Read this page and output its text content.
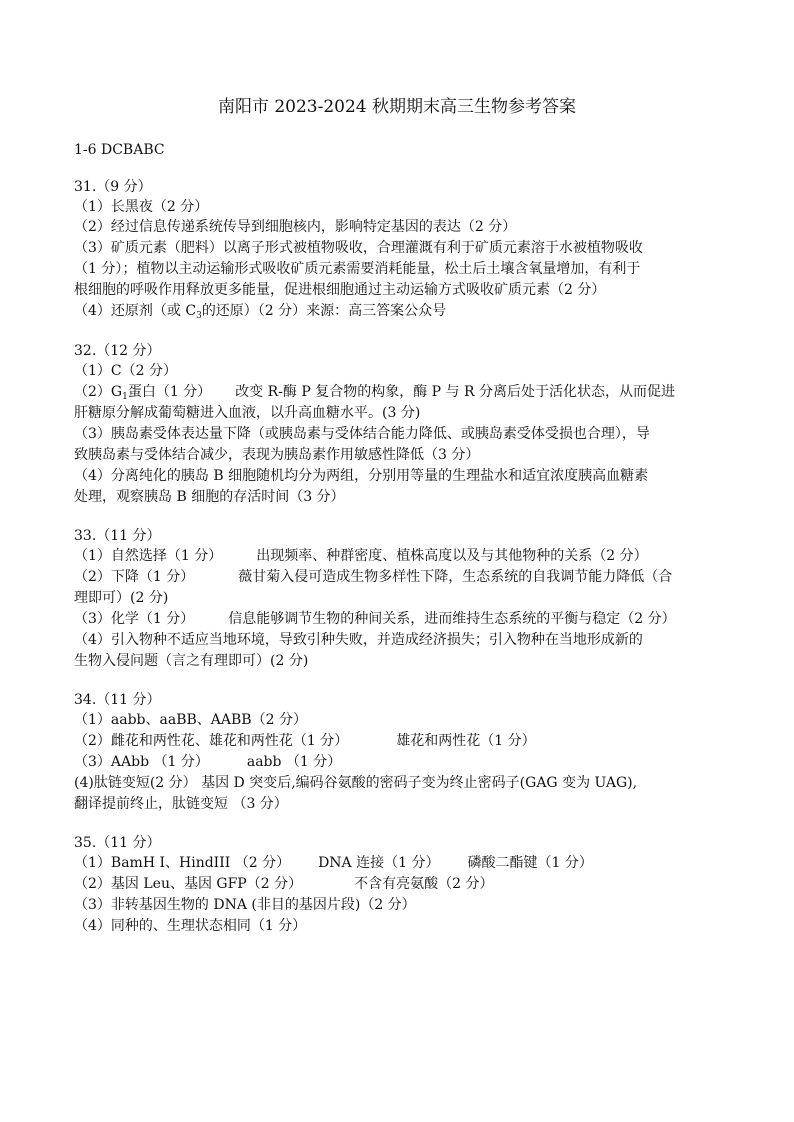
南阳市 2023-2024 秋期期末高三生物参考答案
1-6 DCBABC
31.（9 分）
（1）长黑夜（2 分）
（2）经过信息传递系统传导到细胞核内，影响特定基因的表达（2 分）
（3）矿质元素（肥料）以离子形式被植物吸收，合理灌溉有利于矿质元素溶于水被植物吸收
（1 分）；植物以主动运输形式吸收矿质元素需要消耗能量，松土后土壤含氧量增加，有利于
根细胞的呼吸作用释放更多能量，促进根细胞通过主动运输方式吸收矿质元素（2 分）
（4）还原剂（或 $C_3$的还原）（2 分）来源：高三答案公众号
32.（12 分）
（1）C（2 分）
$(2)G_1$蛋白（1 分） 改变 R-酶 P 复合物的构象，酶 P 与 R 分离后处于活化状态，从而促进
肝糖原分解成葡萄糖进入血液，以升高血糖水平。(3 分)
（3）胰岛素受体表达量下降（或胰岛素与受体结合能力降低、或胰岛素受体受损也合理），导
致胰岛素与受体结合减少，表现为胰岛素作用敏感性降低（3 分）
（4）分离纯化的胰岛 B 细胞随机均分为两组，分别用等量的生理盐水和适宜浓度胰高血糖素
处理，观察胰岛 B 细胞的存活时间（3 分）
33.（11 分）
（1）自然选择（1 分） 出现频率、种群密度、植株高度以及与其他物种的关系（2 分）
（2）下降（1 分）	薇甘菊入侵可造成生物多样性下降，生态系统的自我调节能力降低（合
理即可）(2 分)
（3）化学（1 分） 信息能够调节生物的种间关系，进而维持生态系统的平衡与稳定（2 分）
（4）引入物种不适应当地环境，导致引种失败，并造成经济损失；引入物种在当地形成新的
生物入侵问题（言之有理即可）(2 分)
34.（11 分）
（1）aabb、aaBB、AABB（2 分）
（2）雌花和两性花、雄花和两性花（1 分）	雄花和两性花（1 分）
（3）AAbb （1 分）	aabb （1 分）
(4)肽链变短(2 分） 基因 D 突变后,编码谷氨酸的密码子变为终止密码子(GAG 变为 UAG),
翻译提前终止，肽链变短 （3 分）
35.（11 分）
（1）BamH I、HindIII （2 分） DNA 连接（1 分） 磷酸二酯键（1 分）
（2）基因 Leu、基因 GFP（2 分）	不含有亮氨酸（2 分）
（3）非转基因生物的 DNA (非目的基因片段)（2 分）
（4）同种的、生理状态相同（1 分）
